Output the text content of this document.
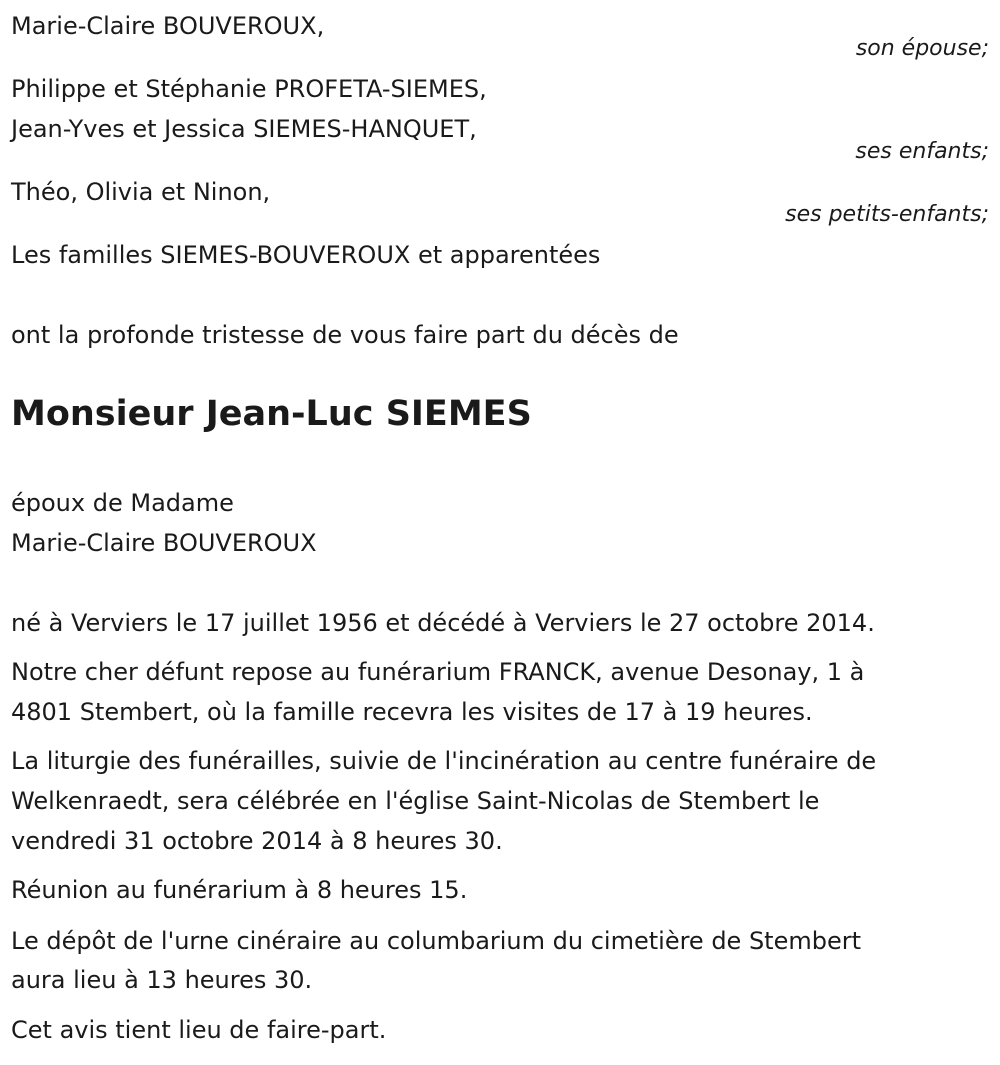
Marie-Claire BOUVEROUX,
son épouse;
Philippe et Stéphanie PROFETA-SIEMES,
Jean-Yves et Jessica SIEMES-HANQUET,
ses enfants;
Théo, Olivia et Ninon,
ses petits-enfants;
Les familles SIEMES-BOUVEROUX et apparentées
ont la profonde tristesse de vous faire part du décès de
Monsieur Jean-Luc SIEMES
époux de Madame
Marie-Claire BOUVEROUX
né à Verviers le 17 juillet 1956 et décédé à Verviers le 27 octobre 2014.
Notre cher défunt repose au funérarium FRANCK, avenue Desonay, 1 à
4801 Stembert, où la famille recevra les visites de 17 à 19 heures.
La liturgie des funérailles, suivie de l'incinération au centre funéraire de
Welkenraedt, sera célébrée en l'église Saint-Nicolas de Stembert le
vendredi 31 octobre 2014 à 8 heures 30.
Réunion au funérarium à 8 heures 15.
Le dépôt de l'urne cinéraire au columbarium du cimetière de Stembert
aura lieu à 13 heures 30.
Cet avis tient lieu de faire-part.
